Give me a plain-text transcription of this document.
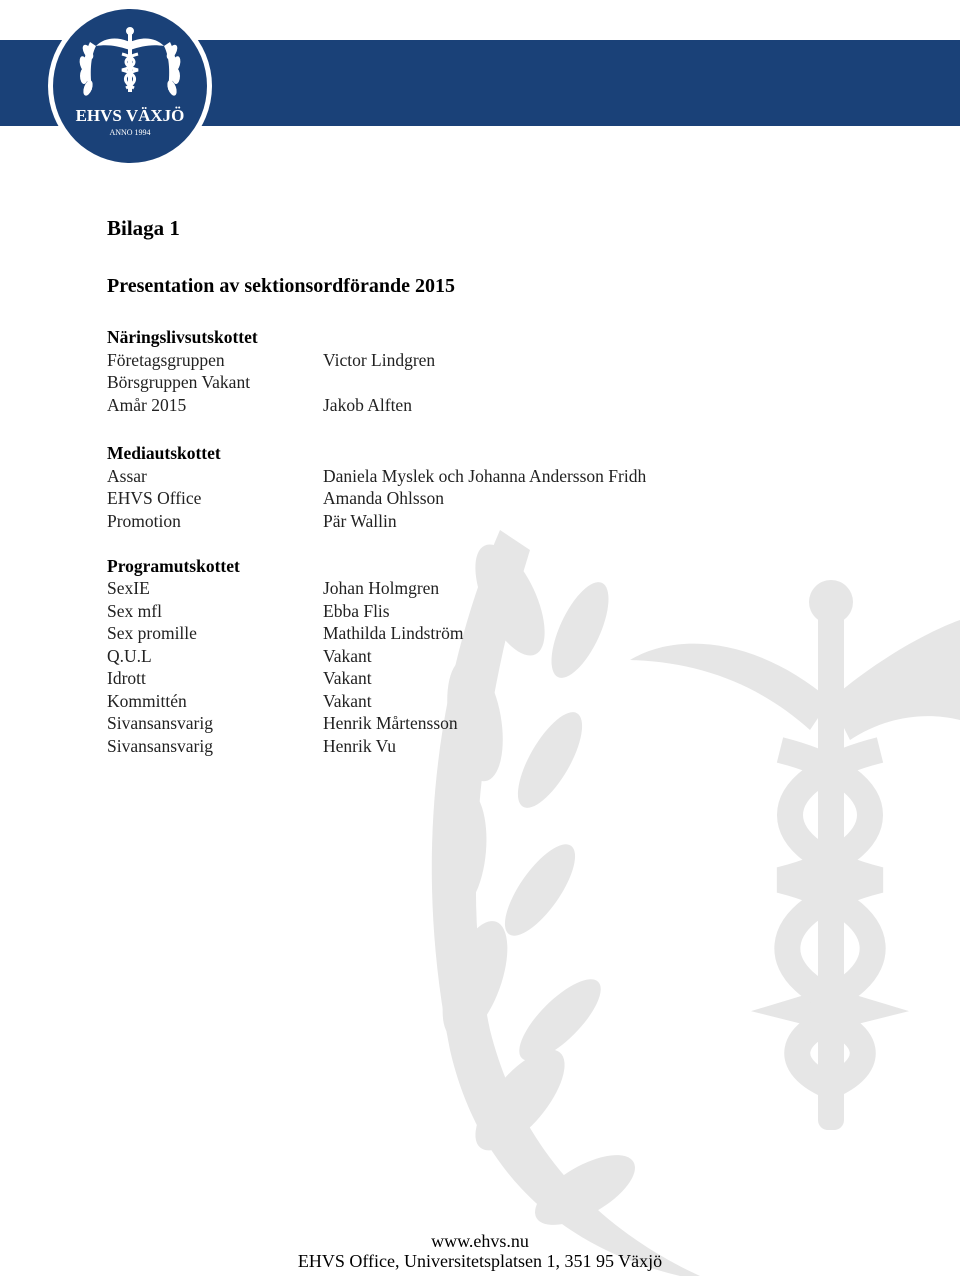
EHVS VÄXJÖ
ANNO 1994
Bilaga 1
Presentation av sektionsordförande 2015
Näringslivsutskottet
Företagsgruppen	Victor Lindgren
Börsgruppen Vakant
Amår 2015	Jakob Alften
Mediautskottet
Assar	Daniela Myslek och Johanna Andersson Fridh
EHVS Office	Amanda Ohlsson
Promotion	Pär Wallin
Programutskottet
SexIE	Johan Holmgren
Sex mfl	Ebba Flis
Sex promille	Mathilda Lindström
Q.U.L	Vakant
Idrott	Vakant
Kommittén	Vakant
Sivansansvarig	Henrik Mårtensson
Sivansansvarig	Henrik Vu
www.ehvs.nu
EHVS Office, Universitetsplatsen 1, 351 95 Växjö
